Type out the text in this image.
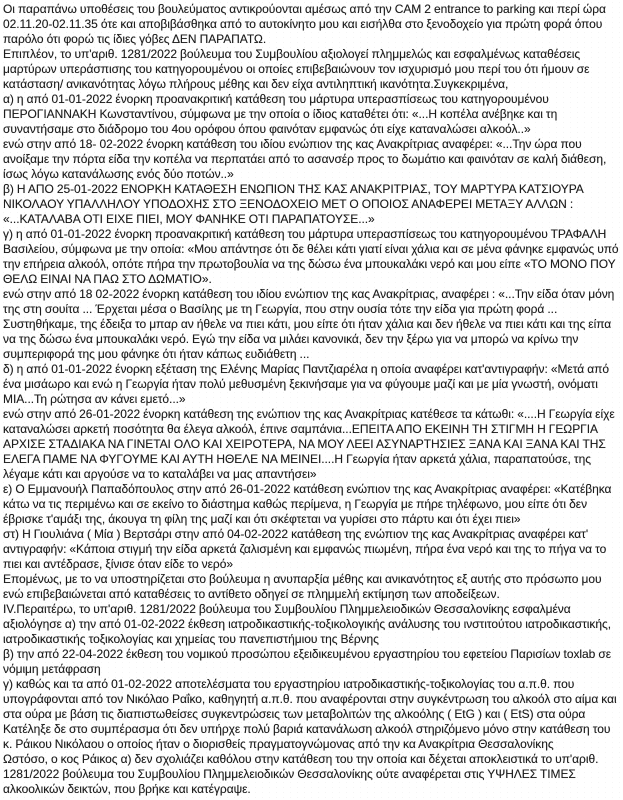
Οι παραπάνω υποθέσεις του βουλεύματος αντικρούονται αμέσως από την CAM 2 entrance to parking και περί ώρα 02.11.20-02.11.35 ότε και αποβιβάσθηκα από το αυτοκίνητο μου και εισήλθα στο ξενοδοχείο για πρώτη φορά όπου παρόλο ότι φορώ τις ίδιες γόβες ΔΕΝ ΠΑΡΑΠΑΤΩ.

Επιπλέον, το υπ'αριθ. 1281/2022 βούλευμα του Συμβουλίου αξιολογεί πλημμελώς και εσφαλμένως καταθέσεις μαρτύρων υπεράσπισης του κατηγορουμένου οι οποίες επιβεβαιώνουν τον ισχυρισμό μου περί του ότι ήμουν σε κατάσταση/ ανικανότητας λόγω πλήρους μέθης και δεν είχα αντιληπτική ικανότητα.Συγκεκριμένα,

α) η από 01-01-2022 ένορκη προανακριτική κατάθεση του μάρτυρα υπερασπίσεως του κατηγορουμένου ΠΕΡΟΓΙΑΝΝΑΚΗ Κωνσταντίνου, σύμφωνα με την οποία ο ίδιος καταθέτει ότι: «...Η κοπέλα ανέβηκε και τη συναντήσαμε στο διάδρομο του 4ου ορόφου όπου φαινόταν εμφανώς ότι είχε καταναλώσει αλκοόλ..»

ενώ στην από 18- 02-2022 ένορκη κατάθεση του ιδίου ενώπιον της κας Ανακρίτριας αναφέρει: «...Την ώρα που ανοίξαμε την πόρτα είδα την κοπέλα να περπατάει από το ασανσέρ προς το δωμάτιο και φαινόταν σε καλή διάθεση, ίσως λόγω κατανάλωσης ενός δύο ποτών..»

β) Η ΑΠΟ 25-01-2022 ΕΝΟΡΚΗ ΚΑΤΑΘΕΣΗ ΕΝΩΠΙΟΝ ΤΗΣ ΚΑΣ ΑΝΑΚΡΙΤΡΙΑΣ, ΤΟΥ ΜΑΡΤΥΡΑ ΚΑΤΣΙΟΥΡΑ ΝΙΚΟΛΑΟΥ ΥΠΑΛΛΗΛΟΥ ΥΠΟΔΟΧΗΣ ΣΤΟ ΞΕΝΟΔΟΧΕΙΟ ΜΕΤ Ο ΟΠΟΙΟΣ ΑΝΑΦΕΡΕΙ ΜΕΤΑΞΥ ΑΛΛΩΝ : «...ΚΑΤΑΛΑΒΑ ΟΤΙ ΕΙΧΕ ΠΙΕΙ, ΜΟΥ ΦΑΝΗΚΕ ΟΤΙ ΠΑΡΑΠΑΤΟΥΣΕ...»

γ) η από 01-01-2022 ένορκη προανακριτική κατάθεση του μάρτυρα υπερασπίσεως του κατηγορουμένου ΤΡΑΦΑΛΗ Βασιλείου, σύμφωνα με την οποία: «Μου απάντησε ότι δε θέλει κάτι γιατί είναι χάλια και σε μένα φάνηκε εμφανώς υπό την επήρεια αλκοόλ, οπότε πήρα την πρωτοβουλία να της δώσω ένα μπουκαλάκι νερό και μου είπε «ΤΟ ΜΟΝΟ ΠΟΥ ΘΕΛΩ ΕΙΝΑΙ ΝΑ ΠΑΩ ΣΤΟ ΔΩΜΑΤΙΟ».

ενώ στην από 18 02-2022 ένορκη κατάθεση του ιδίου ενώπιον της κας Ανακρίτριας, αναφέρει : «...Την είδα όταν μόνη της στη σουίτα ... Έρχεται μέσα ο Βασίλης με τη Γεωργία, που στην ουσία τότε την είδα για πρώτη φορά ... Συστηθήκαμε, της έδειξα το μπαρ αν ήθελε να πιει κάτι, μου είπε ότι ήταν χάλια και δεν ήθελε να πιει κάτι και της είπα να της δώσω ένα μπουκαλάκι νερό. Εγώ την είδα να μιλάει κανονικά, δεν την ξέρω για να μπορώ να κρίνω την συμπεριφορά της μου φάνηκε ότι ήταν κάπως ευδιάθετη ...

δ) η από 01-01-2022 ένορκη εξέταση της Ελένης Μαρίας Παντζιαρέλα η οποία αναφέρει κατ'αντιγραφήν: «Μετά από ένα μισάωρο και ενώ η Γεωργία ήταν πολύ μεθυσμένη ξεκινήσαμε για να φύγουμε μαζί και με μία γνωστή, ονόματι ΜΙΑ...Τη ρώτησα αν κάνει εμετό...»

ενώ στην από 26-01-2022 ένορκη κατάθεση της ενώπιον της κας Ανακρίτριας κατέθεσε τα κάτωθι: «....Η Γεωργία είχε καταναλώσει αρκετή ποσότητα θα έλεγα αλκοόλ, έπινε σαμπάνια...ΕΠΕΙΤΑ ΑΠΟ ΕΚΕΙΝΗ ΤΗ ΣΤΙΓΜΗ Η ΓΕΩΡΓΙΑ ΑΡΧΙΣΕ ΣΤΑΔΙΑΚΑ ΝΑ ΓΙΝΕΤΑΙ ΟΛΟ ΚΑΙ ΧΕΙΡΟΤΕΡΑ, ΝΑ ΜΟΥ ΛΕΕΙ ΑΣΥΝΑΡΤΗΣΙΕΣ ΞΑΝΑ ΚΑΙ ΞΑΝΑ ΚΑΙ ΤΗΣ ΕΛΕΓΑ ΠΑΜΕ ΝΑ ΦΥΓΟΥΜΕ ΚΑΙ ΑΥΤΗ ΗΘΕΛΕ ΝΑ ΜΕΙΝΕΙ....Η Γεωργία ήταν αρκετά χάλια, παραπατούσε, της λέγαμε κάτι και αργούσε να το καταλάβει να μας απαντήσει»

ε) Ο Εμμανουήλ Παπαδόπουλος στην από 26-01-2022 κατάθεση ενώπιον της κας Ανακρίτριας αναφέρει: «Κατέβηκα κάτω να τις περιμένω και σε εκείνο το διάστημα καθώς περίμενα, η Γεωργία με πήρε τηλέφωνο, μου είπε ότι δεν έβρισκε τ'αμάξι της, άκουγα τη φίλη της μαζί και ότι σκέφτεται να γυρίσει στο πάρτυ και ότι έχει πιει»

στ) Η Γιουλιάνα ( Μία ) Βερτσάρι στην από 04-02-2022 κατάθεση της ενώπιον της κας Ανακρίτριας αναφέρει κατ' αντιγραφήν: «Κάποια στιγμή την είδα αρκετά ζαλισμένη και εμφανώς πιωμένη, πήρα ένα νερό και της το πήγα να το πιει και αντέδρασε, ξίνισε όταν είδε το νερό»

Επομένως, με το να υποστηρίζεται στο βούλευμα η ανυπαρξία μέθης και ανικανότητος εξ αυτής στο πρόσωπο μου ενώ επιβεβαιώνεται από καταθέσεις το αντίθετο οδηγεί σε πλημμελή εκτίμηση των αποδείξεων.

IV.Περαιτέρω, το υπ'αριθ. 1281/2022 βούλευμα του Συμβουλίου Πλημμελειοδικών Θεσσαλονίκης εσφαλμένα αξιολόγησε α) την από 01-02-2022 έκθεση ιατροδικαστικής-τοξικολογικής ανάλυσης του ινστιτούτου ιατροδικαστικής, ιατροδικαστικής τοξικολογίας και χημείας του πανεπιστήμιου της Βέρνης

β) την από 22-04-2022 έκθεση του νομικού προσώπου εξειδικευμένου εργαστηρίου του εφετείου Παρισίων toxlab σε νόμιμη μετάφραση

γ) καθώς και τα από 01-02-2022 αποτελέσματα του εργαστηρίου ιατροδικαστικής-τοξικολογίας του α.π.θ. που υπογράφονται από τον Νικόλαο Ραΐκο, καθηγητή α.π.θ. που αναφέρονται στην συγκέντρωση του αλκοόλ στο αίμα και στα ούρα με βάση τις διαπιστωθείσες συγκεντρώσεις των μεταβολιτών της αλκοόλης ( EtG ) και ( EtS) στα ούρα

Κατέληξε δε στο συμπέρασμα ότι δεν υπήρχε πολύ βαριά κατανάλωση αλκοόλ στηριζόμενο μόνο στην κατάθεση του κ. Ράικου Νικόλαου ο οποίος ήταν ο διορισθείς πραγματογνώμονας από την κα Ανακρίτρια Θεσσαλονίκης

Ωστόσο, ο κος Ράικος α) δεν σχολιάζει καθόλου στην κατάθεση του την οποία και δέχεται αποκλειστικά το υπ'αριθ. 1281/2022 βούλευμα του Συμβουλίου Πλημμελειοδικών Θεσσαλονίκης ούτε αναφέρεται στις ΥΨΗΛΕΣ ΤΙΜΕΣ αλκοολικών δεικτών, που βρήκε και κατέγραψε.
